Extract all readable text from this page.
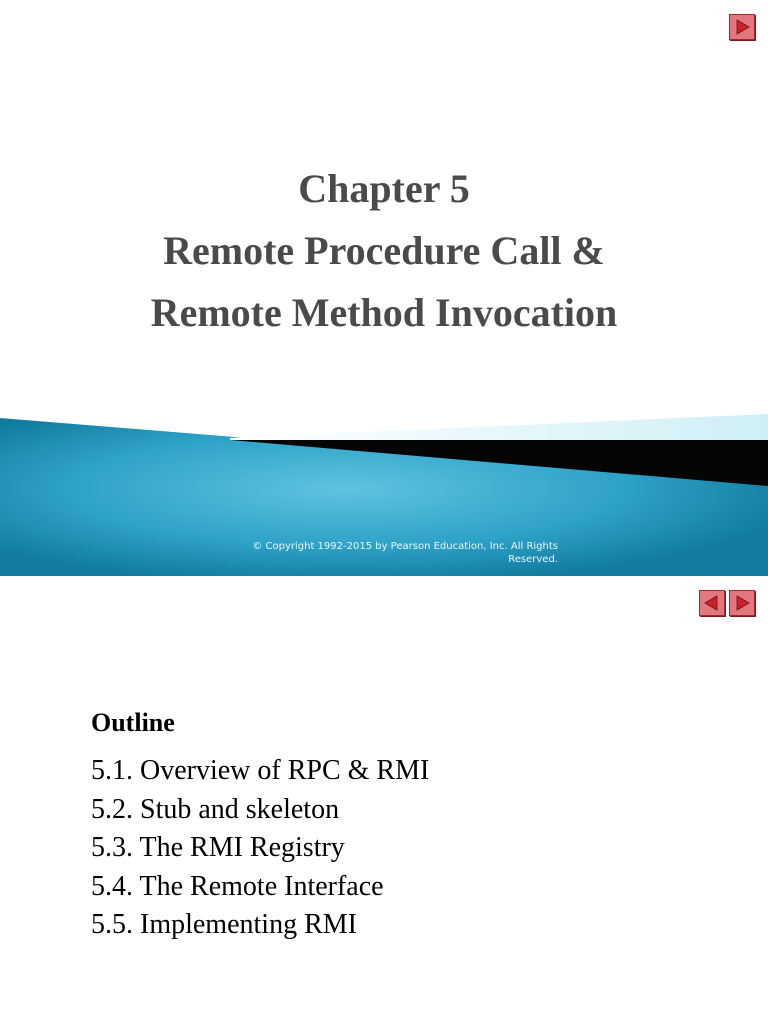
Chapter 5
Remote Procedure Call &
Remote Method Invocation
© Copyright 1992-2015 by Pearson Education, Inc. All Rights Reserved.
Outline
5.1. Overview of RPC & RMI
5.2. Stub and skeleton
5.3. The RMI Registry
5.4. The Remote Interface
5.5. Implementing RMI
